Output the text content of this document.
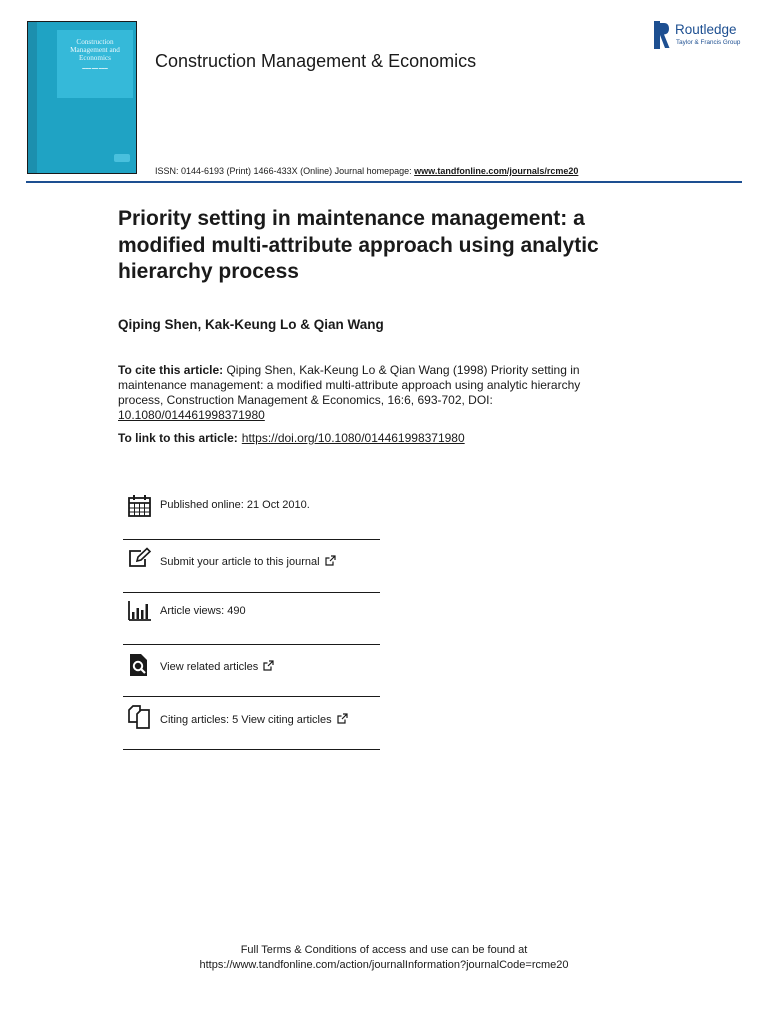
Construction
Management and
Economics
▬▬▬ ▬▬ ▬▬▬	Construction Management & Economics
Routledge
Taylor & Francis Group
ISSN: 0144-6193 (Print) 1466-433X (Online) Journal homepage: www.tandfonline.com/journals/rcme20
Priority setting in maintenance management: a modified multi-attribute approach using analytic hierarchy process
Qiping Shen, Kak-Keung Lo & Qian Wang
To cite this article: Qiping Shen, Kak-Keung Lo & Qian Wang (1998) Priority setting in maintenance management: a modified multi-attribute approach using analytic hierarchy process, Construction Management & Economics, 16:6, 693-702, DOI: 10.1080/014461998371980
To link to this article: https://doi.org/10.1080/014461998371980
Published online: 21 Oct 2010.
Submit your article to this journal
Article views: 490
View related articles
Citing articles: 5 View citing articles
Full Terms & Conditions of access and use can be found at
https://www.tandfonline.com/action/journalInformation?journalCode=rcme20
